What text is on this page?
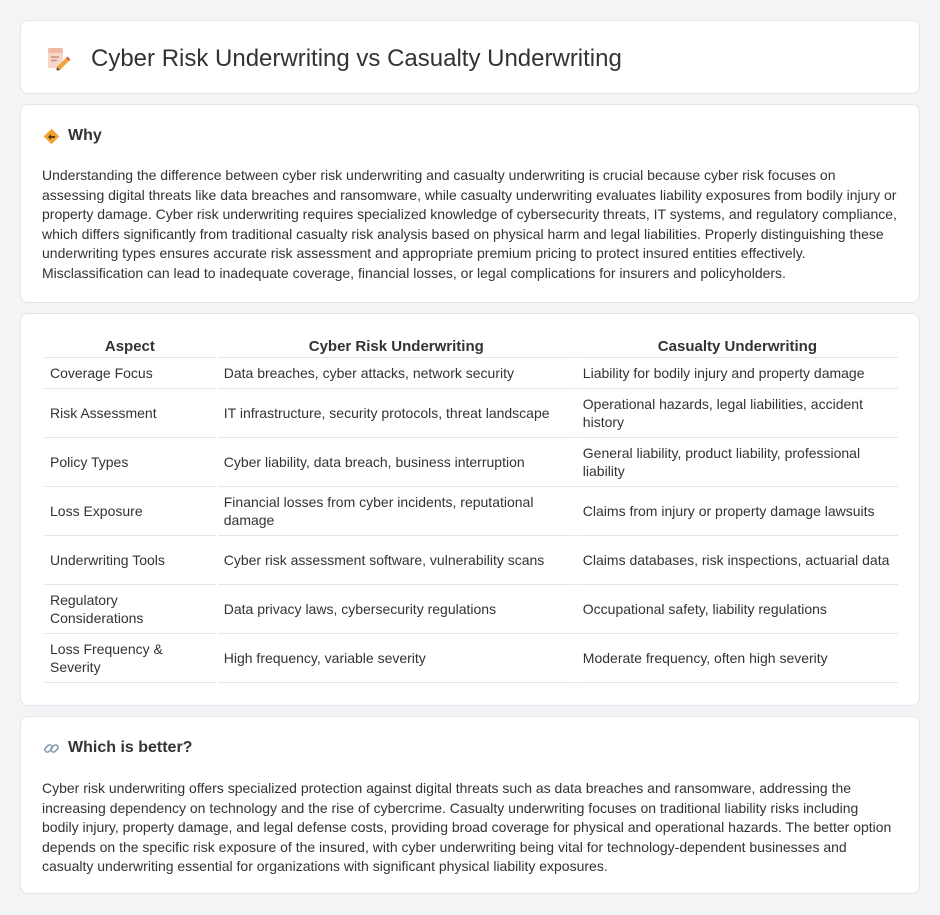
Cyber Risk Underwriting vs Casualty Underwriting
Why

Understanding the difference between cyber risk underwriting and casualty underwriting is crucial because cyber risk focuses on assessing digital threats like data breaches and ransomware, while casualty underwriting evaluates liability exposures from bodily injury or property damage. Cyber risk underwriting requires specialized knowledge of cybersecurity threats, IT systems, and regulatory compliance, which differs significantly from traditional casualty risk analysis based on physical harm and legal liabilities. Properly distinguishing these underwriting types ensures accurate risk assessment and appropriate premium pricing to protect insured entities effectively. Misclassification can lead to inadequate coverage, financial losses, or legal complications for insurers and policyholders.

Aspect	Cyber Risk Underwriting	Casualty Underwriting
Coverage Focus	Data breaches, cyber attacks, network security	Liability for bodily injury and property damage
Risk Assessment	IT infrastructure, security protocols, threat landscape	Operational hazards, legal liabilities, accident history
Policy Types	Cyber liability, data breach, business interruption	General liability, product liability, professional liability
Loss Exposure	Financial losses from cyber incidents, reputational damage	Claims from injury or property damage lawsuits
Underwriting Tools	Cyber risk assessment software, vulnerability scans	Claims databases, risk inspections, actuarial data
Regulatory Considerations	Data privacy laws, cybersecurity regulations	Occupational safety, liability regulations
Loss Frequency & Severity	High frequency, variable severity	Moderate frequency, often high severity
Which is better?

Cyber risk underwriting offers specialized protection against digital threats such as data breaches and ransomware, addressing the increasing dependency on technology and the rise of cybercrime. Casualty underwriting focuses on traditional liability risks including bodily injury, property damage, and legal defense costs, providing broad coverage for physical and operational hazards. The better option depends on the specific risk exposure of the insured, with cyber underwriting being vital for technology-dependent businesses and casualty underwriting essential for organizations with significant physical liability exposures.
